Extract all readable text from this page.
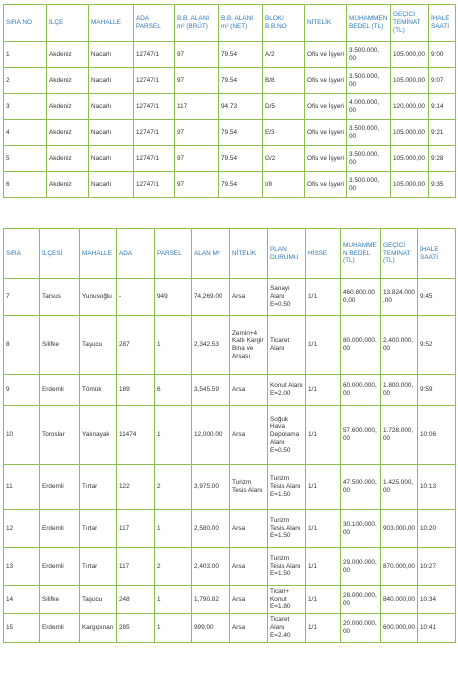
SIRA NO	İLÇE	MAHALLE	ADA PARSEL	B.B. ALANI m² (BRÜT)	B.B. ALANI m² (NET)	BLOK/ B.B.NO	NİTELİK	MUHAMMEN BEDEL (TL)	GEÇİCİ TEMİNAT (TL)	İHALE SAATİ
1	Akdeniz	Nacarlı	12747/1	97	79.54	A/2	Ofis ve İşyeri	3.500.000, 00	105.000,00	9:00
2	Akdeniz	Nacarlı	12747/1	97	79.54	B/8	Ofis ve İşyeri	3.500.000, 00	105.000,00	9:07
3	Akdeniz	Nacarlı	12747/1	117	94.73	D/5	Ofis ve İşyeri	4.000.000, 00	120.000,00	9:14
4	Akdeniz	Nacarlı	12747/1	97	79.54	E/3	Ofis ve İşyeri	3.500.000, 00	105.000,00	9:21
5	Akdeniz	Nacarlı	12747/1	97	79.54	G/2	Ofis ve İşyeri	3.500.000, 00	105.000,00	9:28
6	Akdeniz	Nacarlı	12747/1	97	79.54	I/8	Ofis ve İşyeri	3.500.000, 00	105.000,00	9:35
SIRA	İLÇESİ	MAHALLE	ADA	PARSEL	ALAN M²	NİTELİK	PLAN DURUMU	HİSSE	MUHAMMEN BEDEL (TL)	GEÇİCİ TEMİNAT (TL)	İHALE SAATİ
7	Tarsus	Yunusoğlu	-	949	74,269.00	Arsa	Sanayi Alanı E=0.50	1/1	460.800.000,00	13.824.000,00	9:45
8	Silifke	Taşucu	287	1	2,342.53	Zemin+4 Katlı Kargir Bina ve Arsası	Ticaret Alanı	1/1	80.000.000,00	2.400.000,00	9:52
9	Erdemli	Tömük	189	6	3,545.59	Arsa	Konut Alanı E=2.00	1/1	60.000.000,00	1.800.000,00	9:59
10	Toroslar	Yalınayak	11474	1	12,000.00	Arsa	Soğuk Hava Depolama Alanı E=0.50	1/1	57.600.000,00	1.728.000,00	10:06
11	Erdemli	Tırtar	122	2	3,975.00	Turizm Tesis Alanı	Turizm Tesis Alanı E=1.50	1/1	47.500.000,00	1.425.000,00	10:13
12	Erdemli	Tırtar	117	1	2,580.00	Arsa	Turizm Tesis Alanı E=1.50	1/1	30.100.000,00	903.000,00	10:20
13	Erdemli	Tırtar	117	2	2,403.00	Arsa	Turizm Tesis Alanı E=1.50	1/1	29.000.000,00	870.000,00	10:27
14	Silifke	Taşucu	248	1	1,790.82	Arsa	Ticari+ Konut E=1.80	1/1	28.000.000,00	840.000,00	10:34
15	Erdemli	Kargıpınarı	285	1	999,00	Arsa	Ticaret Alanı E=2.40	1/1	20.000.000,00	600.000,00	10:41
